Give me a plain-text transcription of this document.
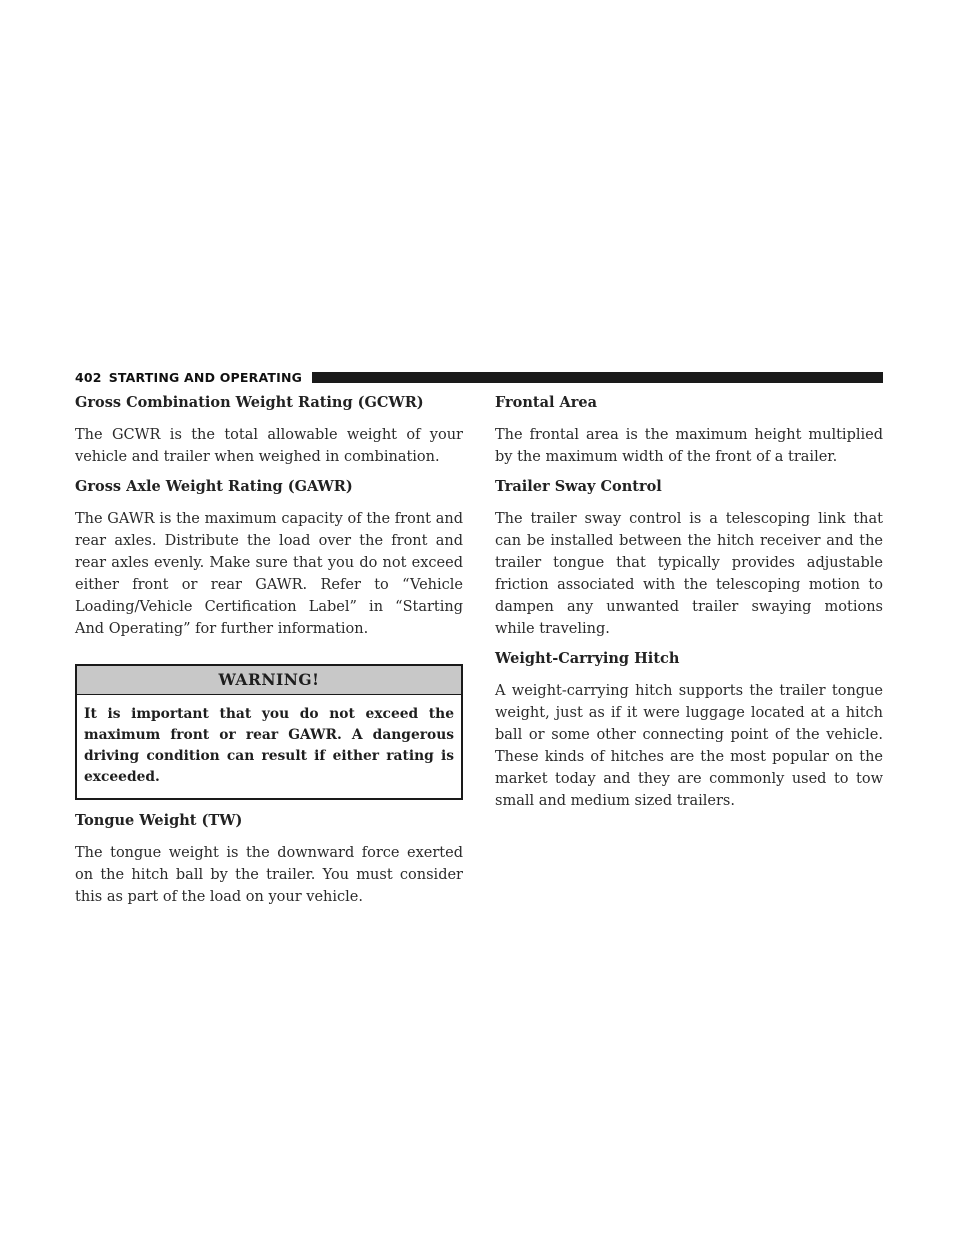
402 STARTING AND OPERATING
Gross Combination Weight Rating (GCWR)

The GCWR is the total allowable weight of your vehicle and trailer when weighed in combination.

Gross Axle Weight Rating (GAWR)

The GAWR is the maximum capacity of the front and rear axles. Distribute the load over the front and rear axles evenly. Make sure that you do not exceed either front or rear GAWR. Refer to “Vehicle Loading/Vehicle Certification Label” in “Starting And Operating” for further information.

WARNING!
It is important that you do not exceed the maximum front or rear GAWR. A dangerous driving condition can result if either rating is exceeded.
Tongue Weight (TW)

The tongue weight is the downward force exerted on the hitch ball by the trailer. You must consider this as part of the load on your vehicle.

Frontal Area

The frontal area is the maximum height multiplied by the maximum width of the front of a trailer.

Trailer Sway Control

The trailer sway control is a telescoping link that can be installed between the hitch receiver and the trailer tongue that typically provides adjustable friction associated with the telescoping motion to dampen any unwanted trailer swaying motions while traveling.

Weight-Carrying Hitch

A weight-carrying hitch supports the trailer tongue weight, just as if it were luggage located at a hitch ball or some other connecting point of the vehicle. These kinds of hitches are the most popular on the market today and they are commonly used to tow small and medium sized trailers.
